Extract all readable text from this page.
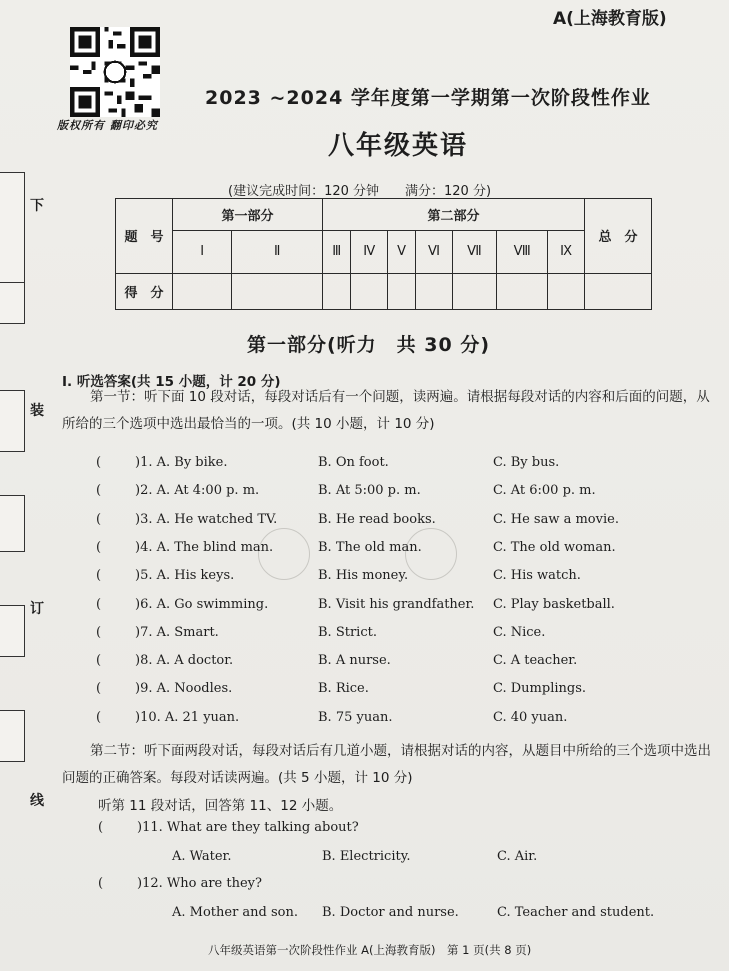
下
装
订
线
版权所有 翻印必究
A(上海教育版)
2023 ~2024 学年度第一学期第一次阶段性作业
八年级英语
(建议完成时间：120 分钟　　满分：120 分)
题　号	第一部分		第二部分							总　分
	Ⅰ	Ⅱ	Ⅲ	Ⅳ	Ⅴ	Ⅵ	Ⅶ	Ⅷ	Ⅸ	
得　分										
第一部分(听力　共 30 分)
Ⅰ. 听选答案(共 15 小题，计 20 分)
第一节：听下面 10 段对话，每段对话后有一个问题，读两遍。请根据每段对话的内容和后面的问题，从所给的三个选项中选出最恰当的一项。(共 10 小题，计 10 分)
(	)1. A. By bike.	B. On foot.	C. By bus.
(	)2. A. At 4:00 p. m.	B. At 5:00 p. m.	C. At 6:00 p. m.
(	)3. A. He watched TV.	B. He read books.	C. He saw a movie.
(	)4. A. The blind man.	B. The old man.	C. The old woman.
(	)5. A. His keys.	B. His money.	C. His watch.
(	)6. A. Go swimming.	B. Visit his grandfather. C. Play basketball.
(	)7. A. Smart.	B. Strict.	C. Nice.
(	)8. A. A doctor.	B. A nurse.	C. A teacher.
(	)9. A. Noodles.	B. Rice.	C. Dumplings.
(	)10. A. 21 yuan.	B. 75 yuan.	C. 40 yuan.
第二节：听下面两段对话，每段对话后有几道小题，请根据对话的内容，从题目中所给的三个选项中选出问题的正确答案。每段对话读两遍。(共 5 小题，计 10 分)
听第 11 段对话，回答第 11、12 小题。
(	)11. What are they talking about?
A. Water.	B. Electricity.	C. Air.
(	)12. Who are they?
A. Mother and son. B. Doctor and nurse.	C. Teacher and student.
八年级英语第一次阶段性作业 A(上海教育版)　第 1 页(共 8 页)
